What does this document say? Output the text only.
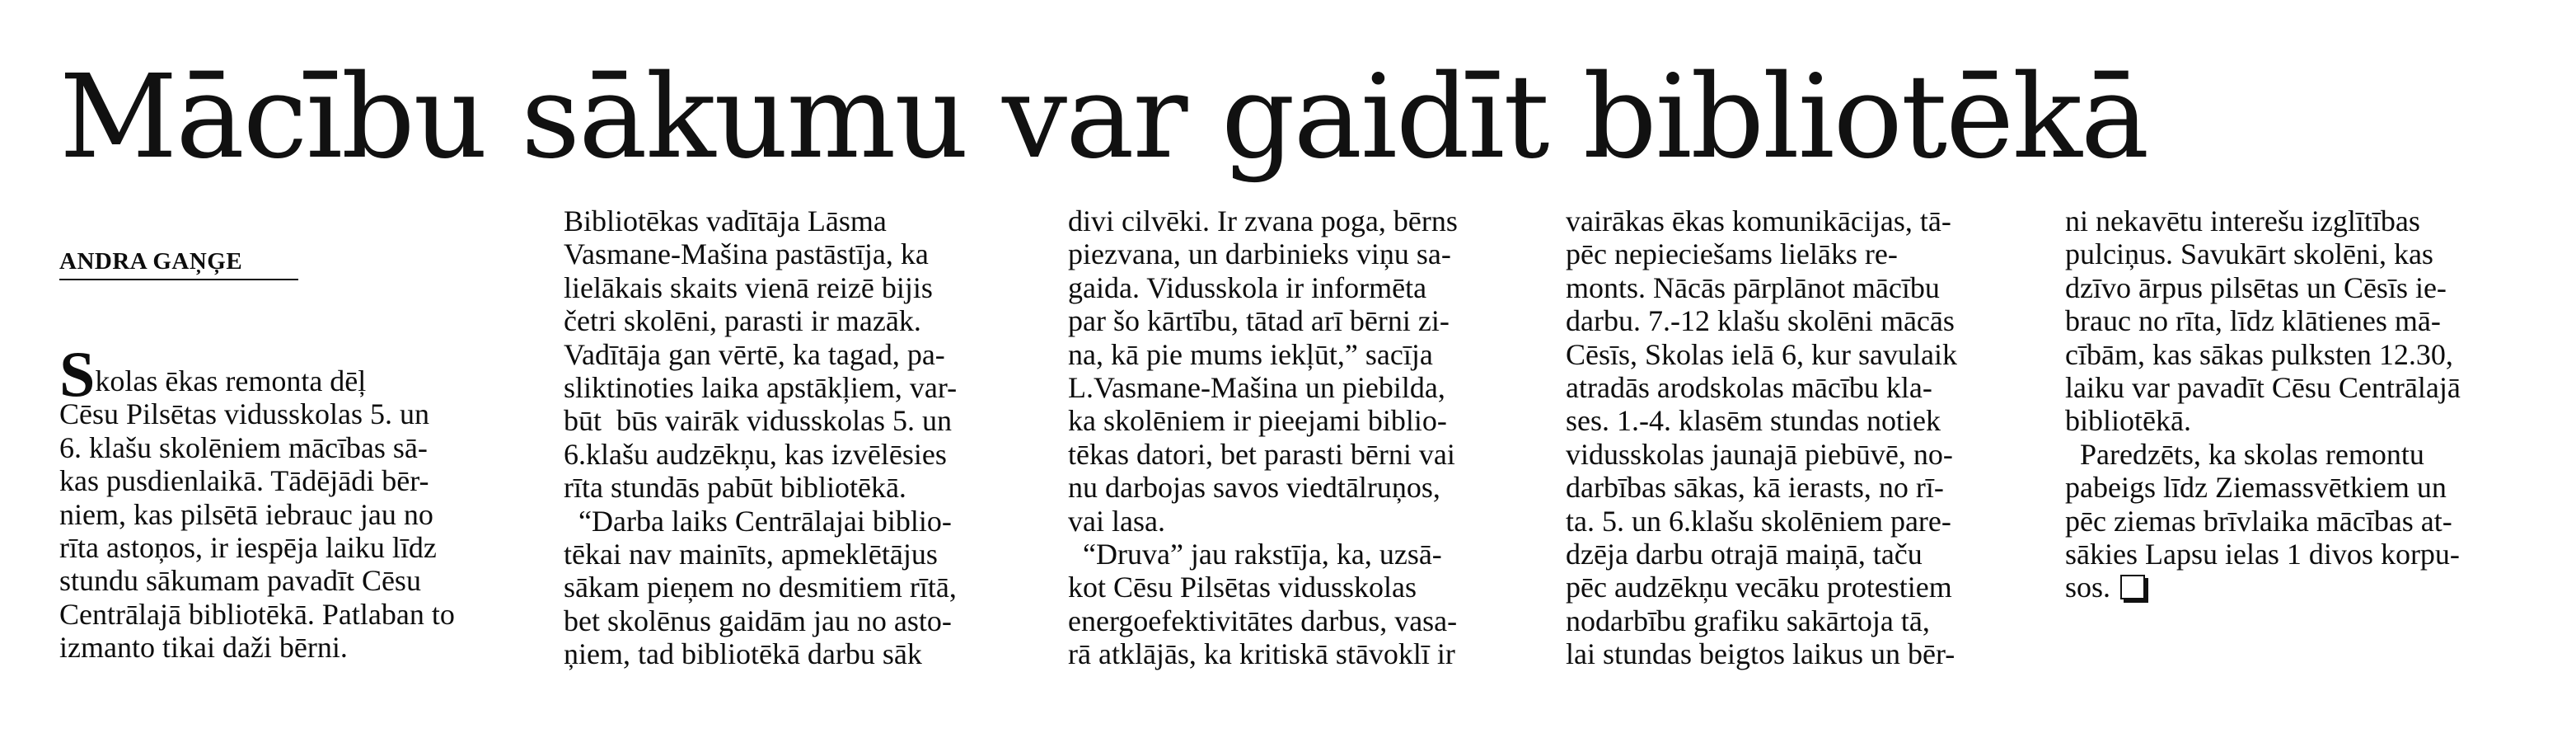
Mācību sākumu var gaidīt bibliotēkā
ANDRA GAŅĢE
Skolas ēkas remonta dēļ
Cēsu Pilsētas vidusskolas 5. un
6. klašu skolēniem mācības sā-
kas pusdienlaikā. Tādējādi bēr-
niem, kas pilsētā iebrauc jau no
rīta astoņos, ir iespēja laiku līdz
stundu sākumam pavadīt Cēsu
Centrālajā bibliotēkā. Patlaban to
izmanto tikai daži bērni.
Bibliotēkas vadītāja Lāsma
Vasmane-Mašina pastāstīja, ka
lielākais skaits vienā reizē bijis
četri skolēni, parasti ir mazāk.
Vadītāja gan vērtē, ka tagad, pa-
sliktinoties laika apstākļiem, var-
būt  būs vairāk vidusskolas 5. un
6.klašu audzēkņu, kas izvēlēsies
rīta stundās pabūt bibliotēkā.
“Darba laiks Centrālajai biblio-
tēkai nav mainīts, apmeklētājus
sākam pieņem no desmitiem rītā,
bet skolēnus gaidām jau no asto-
ņiem, tad bibliotēkā darbu sāk
divi cilvēki. Ir zvana poga, bērns
piezvana, un darbinieks viņu sa-
gaida. Vidusskola ir informēta
par šo kārtību, tātad arī bērni zi-
na, kā pie mums iekļūt,” sacīja
L.Vasmane-Mašina un piebilda,
ka skolēniem ir pieejami biblio-
tēkas datori, bet parasti bērni vai
nu darbojas savos viedtālruņos,
vai lasa.
“Druva” jau rakstīja, ka, uzsā-
kot Cēsu Pilsētas vidusskolas
energoefektivitātes darbus, vasa-
rā atklājās, ka kritiskā stāvoklī ir
vairākas ēkas komunikācijas, tā-
pēc nepieciešams lielāks re-
monts. Nācās pārplānot mācību
darbu. 7.-12 klašu skolēni mācās
Cēsīs, Skolas ielā 6, kur savulaik
atradās arodskolas mācību kla-
ses. 1.-4. klasēm stundas notiek
vidusskolas jaunajā piebūvē, no-
darbības sākas, kā ierasts, no rī-
ta. 5. un 6.klašu skolēniem pare-
dzēja darbu otrajā maiņā, taču
pēc audzēkņu vecāku protestiem
nodarbību grafiku sakārtoja tā,
lai stundas beigtos laikus un bēr-
ni nekavētu interešu izglītības
pulciņus. Savukārt skolēni, kas
dzīvo ārpus pilsētas un Cēsīs ie-
brauc no rīta, līdz klātienes mā-
cībām, kas sākas pulksten 12.30,
laiku var pavadīt Cēsu Centrālajā
bibliotēkā.
Paredzēts, ka skolas remontu
pabeigs līdz Ziemassvētkiem un
pēc ziemas brīvlaika mācības at-
sākies Lapsu ielas 1 divos korpu-
sos.
